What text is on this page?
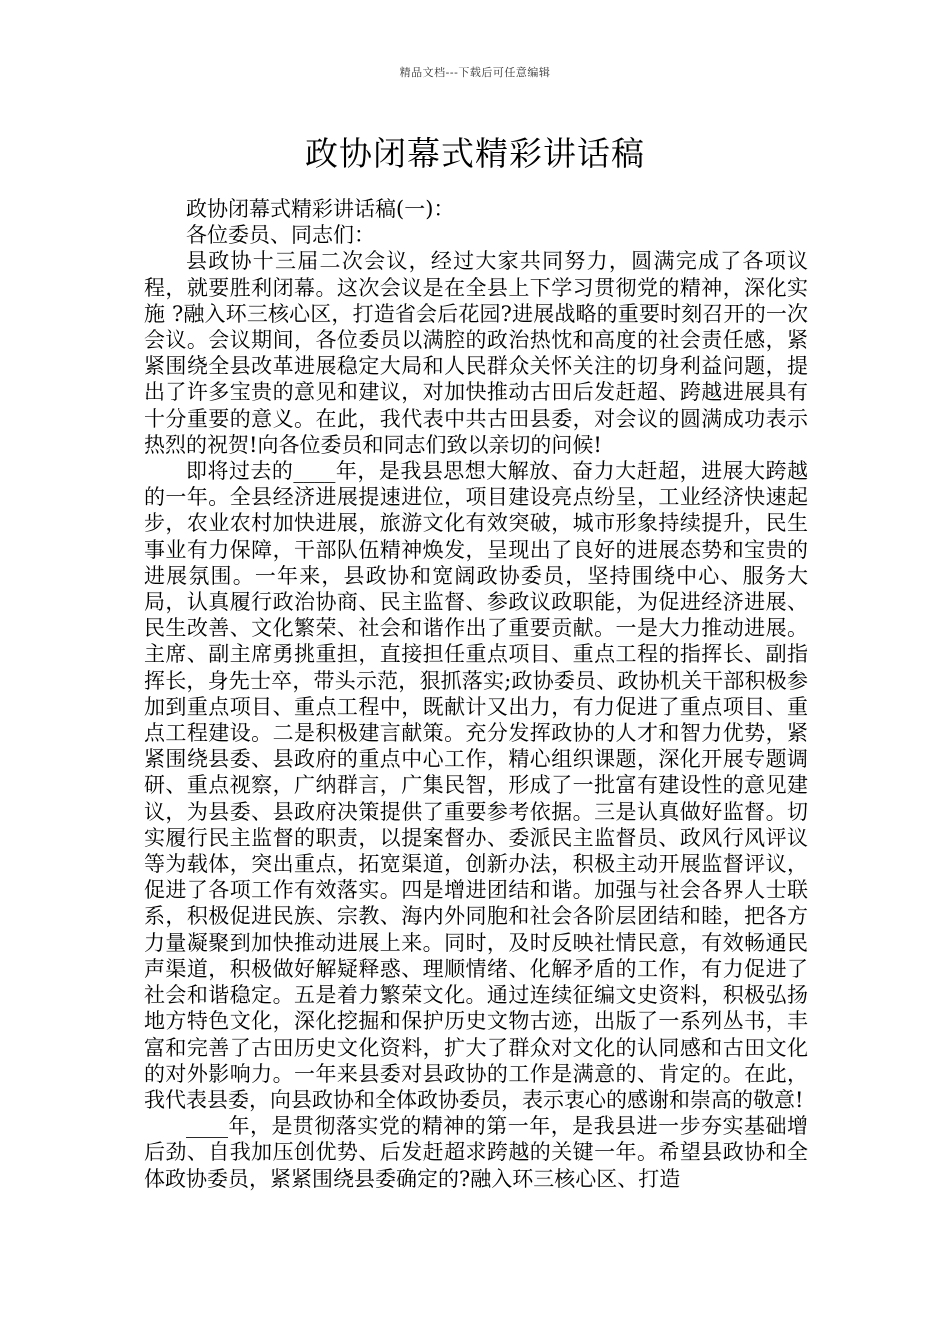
精品文档---下载后可任意编辑
政协闭幕式精彩讲话稿

政协闭幕式精彩讲话稿(一)：

各位委员、同志们：

县政协十三届二次会议，经过大家共同努力，圆满完成了各项议程，就要胜利闭幕。这次会议是在全县上下学习贯彻党的精神，深化实施 ?融入环三核心区，打造省会后花园?进展战略的重要时刻召开的一次会议。会议期间，各位委员以满腔的政治热忱和高度的社会责任感，紧紧围绕全县改革进展稳定大局和人民群众关怀关注的切身利益问题，提出了许多宝贵的意见和建议，对加快推动古田后发赶超、跨越进展具有十分重要的意义。在此，我代表中共古田县委，对会议的圆满成功表示热烈的祝贺!向各位委员和同志们致以亲切的问候!

即将过去的____年，是我县思想大解放、奋力大赶超，进展大跨越的一年。全县经济进展提速进位，项目建设亮点纷呈，工业经济快速起步，农业农村加快进展，旅游文化有效突破，城市形象持续提升，民生事业有力保障，干部队伍精神焕发，呈现出了良好的进展态势和宝贵的进展氛围。一年来，县政协和宽阔政协委员，坚持围绕中心、服务大局，认真履行政治协商、民主监督、参政议政职能，为促进经济进展、民生改善、文化繁荣、社会和谐作出了重要贡献。一是大力推动进展。主席、副主席勇挑重担，直接担任重点项目、重点工程的指挥长、副指挥长，身先士卒，带头示范，狠抓落实;政协委员、政协机关干部积极参加到重点项目、重点工程中，既献计又出力，有力促进了重点项目、重点工程建设。二是积极建言献策。充分发挥政协的人才和智力优势，紧紧围绕县委、县政府的重点中心工作，精心组织课题，深化开展专题调研、重点视察，广纳群言，广集民智，形成了一批富有建设性的意见建议，为县委、县政府决策提供了重要参考依据。三是认真做好监督。切实履行民主监督的职责，以提案督办、委派民主监督员、政风行风评议等为载体，突出重点，拓宽渠道，创新办法，积极主动开展监督评议，促进了各项工作有效落实。四是增进团结和谐。加强与社会各界人士联系，积极促进民族、宗教、海内外同胞和社会各阶层团结和睦，把各方力量凝聚到加快推动进展上来。同时，及时反映社情民意，有效畅通民声渠道，积极做好解疑释惑、理顺情绪、化解矛盾的工作，有力促进了社会和谐稳定。五是着力繁荣文化。通过连续征编文史资料，积极弘扬地方特色文化，深化挖掘和保护历史文物古迹，出版了一系列丛书，丰富和完善了古田历史文化资料，扩大了群众对文化的认同感和古田文化的对外影响力。一年来县委对县政协的工作是满意的、肯定的。在此，我代表县委，向县政协和全体政协委员，表示衷心的感谢和崇高的敬意!

____年，是贯彻落实党的精神的第一年，是我县进一步夯实基础增后劲、自我加压创优势、后发赶超求跨越的关键一年。希望县政协和全体政协委员，紧紧围绕县委确定的?融入环三核心区、打造
